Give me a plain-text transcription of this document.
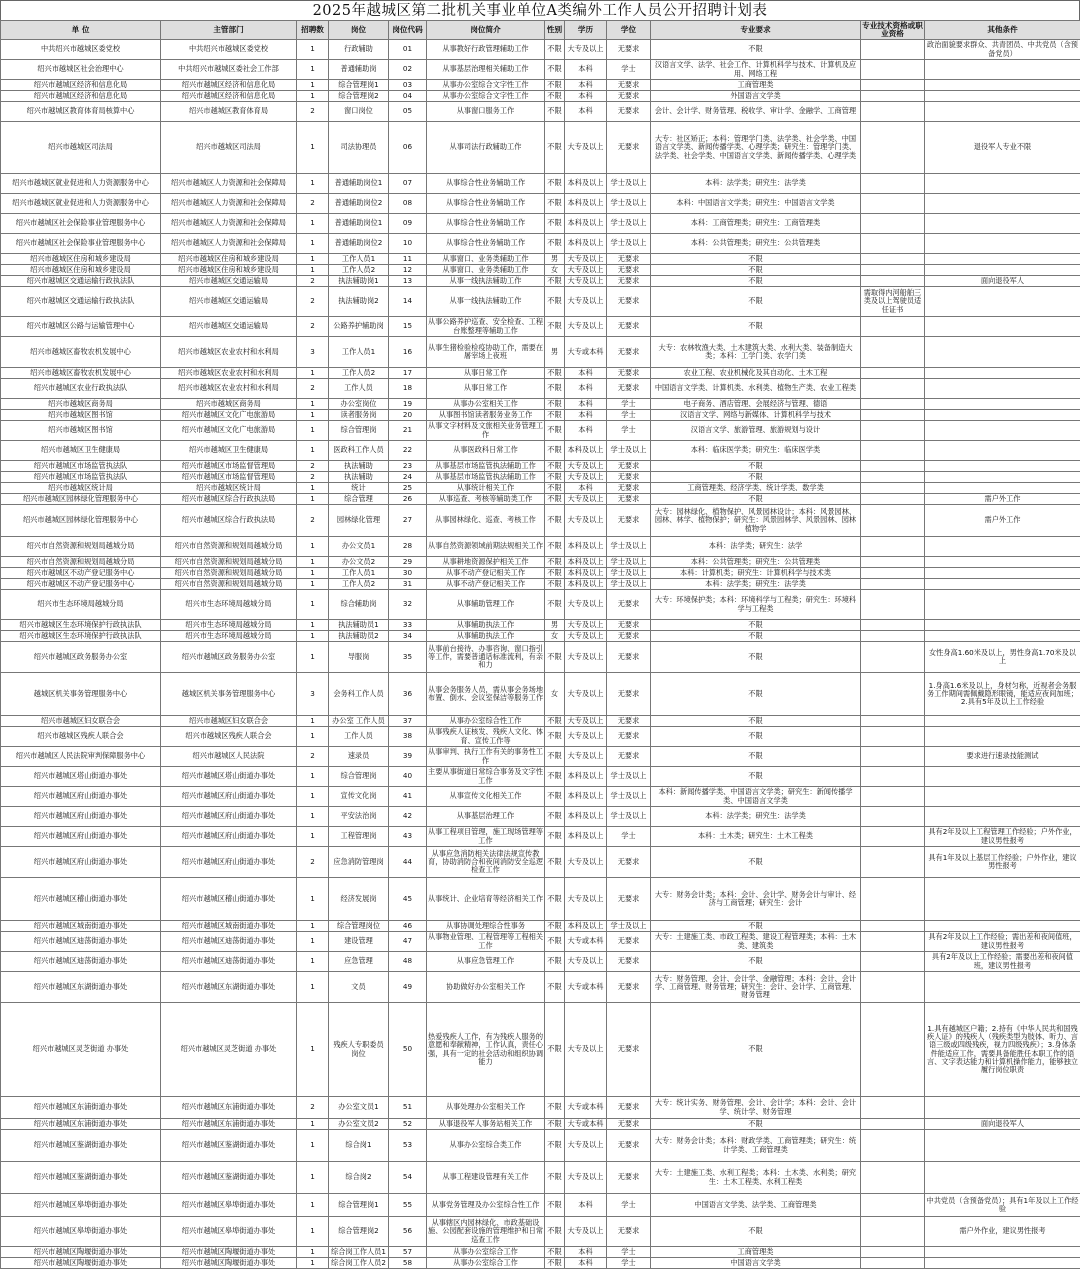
2025年越城区第二批机关事业单位A类编外工作人员公开招聘计划表
单 位	主管部门	招聘数	岗位	岗位代码	岗位简介	性别	学历	学位	专业要求	专业技术资格或职业资格	其他条件
中共绍兴市越城区委党校	中共绍兴市越城区委党校	1	行政辅助	01	从事教好行政管理辅助工作	不限	大专及以上	无要求	不限		政治面貌要求群众、共青团员、中共党员（含预备党员）
绍兴市越城区社会治理中心	中共绍兴市越城区委社会工作部	1	普通辅助岗	02	从事基层治理相关辅助工作	不限	本科	学士	汉语言文学、法学、社会工作、计算机科学与技术、计算机及应用、网络工程		
绍兴市越城区经济和信息化局	绍兴市越城区经济和信息化局	1	综合管理岗1	03	从事办公室综合文字性工作	不限	本科	无要求	工商管理类		
绍兴市越城区经济和信息化局	绍兴市越城区经济和信息化局	1	综合管理岗2	04	从事办公室综合文字性工作	不限	本科	无要求	外国语言文学类		
绍兴市越城区教育体育局核算中心	绍兴市越城区教育体育局	2	窗口岗位	05	从事窗口服务工作	不限	本科	无要求	会计、会计学、财务管理、税收学、审计学、金融学、工商管理		
绍兴市越城区司法局	绍兴市越城区司法局	1	司法协理员	06	从事司法行政辅助工作	不限	大专及以上	无要求	大专：社区矫正；本科：管理学门类、法学类、社会学类、中国语言文学类、新闻传播学类、心理学类；研究生：管理学门类、法学类、社会学类、中国语言文学类、新闻传播学类、心理学类		退役军人专业不限
绍兴市越城区就业促进和人力资源服务中心	绍兴市越城区人力资源和社会保障局	1	普通辅助岗位1	07	从事综合性业务辅助工作	不限	本科及以上	学士及以上	本科：法学类；研究生：法学类		
绍兴市越城区就业促进和人力资源服务中心	绍兴市越城区人力资源和社会保障局	2	普通辅助岗位2	08	从事综合性业务辅助工作	不限	本科及以上	学士及以上	本科：中国语言文学类；研究生：中国语言文学类		
绍兴市越城区社会保险事业管理服务中心	绍兴市越城区人力资源和社会保障局	1	普通辅助岗位1	09	从事综合性业务辅助工作	不限	本科及以上	学士及以上	本科：工商管理类；研究生：工商管理类		
绍兴市越城区社会保险事业管理服务中心	绍兴市越城区人力资源和社会保障局	1	普通辅助岗位2	10	从事综合性业务辅助工作	不限	本科及以上	学士及以上	本科：公共管理类；研究生：公共管理类		
绍兴市越城区住房和城乡建设局	绍兴市越城区住房和城乡建设局	1	工作人员1	11	从事窗口、业务类辅助工作	男	大专及以上	无要求	不限		
绍兴市越城区住房和城乡建设局	绍兴市越城区住房和城乡建设局	1	工作人员2	12	从事窗口、业务类辅助工作	女	大专及以上	无要求	不限		
绍兴市越城区交通运输行政执法队	绍兴市越城区交通运输局	2	执法辅助岗1	13	从事一线执法辅助工作	不限	大专及以上	无要求	不限		面向退役军人
绍兴市越城区交通运输行政执法队	绍兴市越城区交通运输局	2	执法辅助岗2	14	从事一线执法辅助工作	不限	大专及以上	无要求	不限	需取得内河船舶三类及以上驾驶员适任证书	
绍兴市越城区公路与运输管理中心	绍兴市越城区交通运输局	2	公路养护辅助岗	15	从事公路养护巡查、安全检查、工程台账整理等辅助工作	不限	大专及以上	无要求	不限		
绍兴市越城区畜牧农机发展中心	绍兴市越城区农业农村和水利局	3	工作人员1	16	从事生猪检验检疫协助工作，需要在屠宰场上夜班	男	大专或本科	无要求	大专：农林牧渔大类、土木建筑大类、水利大类、装备制造大类；本科：工学门类、农学门类		
绍兴市越城区畜牧农机发展中心	绍兴市越城区农业农村和水利局	1	工作人员2	17	从事日常工作	不限	本科	无要求	农业工程、农业机械化及其自动化、土木工程		
绍兴市越城区农业行政执法队	绍兴市越城区农业农村和水利局	2	工作人员	18	从事日常工作	不限	本科	无要求	中国语言文学类、计算机类、水利类、植物生产类、农业工程类		
绍兴市越城区商务局	绍兴市越城区商务局	1	办公室岗位	19	从事办公室相关工作	不限	本科	学士	电子商务、酒店管理、会展经济与管理、德语		
绍兴市越城区图书馆	绍兴市越城区文化广电旅游局	1	读者服务岗	20	从事图书馆读者服务业务工作	不限	本科	学士	汉语言文学、网络与新媒体、计算机科学与技术		
绍兴市越城区图书馆	绍兴市越城区文化广电旅游局	1	综合管理岗	21	从事文字材料及文旅相关业务管理工作	不限	本科	学士	汉语言文学、旅游管理、旅游规划与设计		
绍兴市越城区卫生健康局	绍兴市越城区卫生健康局	1	医政科工作人员	22	从事医政科日常工作	不限	本科及以上	学士及以上	本科：临床医学类；研究生：临床医学类		
绍兴市越城区市场监管执法队	绍兴市越城区市场监督管理局	2	执法辅助	23	从事基层市场监管执法辅助工作	不限	大专及以上	无要求	不限		
绍兴市越城区市场监管执法队	绍兴市越城区市场监督管理局	2	执法辅助	24	从事基层市场监管执法辅助工作	不限	大专及以上	无要求	不限		
绍兴市越城区统计局	绍兴市越城区统计局	1	统计	25	从事统计相关工作	不限	本科	无要求	工商管理类、经济学类、统计学类、数学类		
绍兴市越城区园林绿化管理服务中心	绍兴市越城区综合行政执法局	1	综合管理	26	从事巡查、考核等辅助类工作	不限	大专及以上	无要求	不限		需户外工作
绍兴市越城区园林绿化管理服务中心	绍兴市越城区综合行政执法局	2	园林绿化管理	27	从事园林绿化、巡查、考核工作	不限	大专及以上	无要求	大专：园林绿化、植物保护、风景园林设计；本科：风景园林、园林、林学、植物保护；研究生：风景园林学、风景园林、园林植物学		需户外工作
绍兴市自然资源和规划局越城分局	绍兴市自然资源和规划局越城分局	1	办公文员1	28	从事自然资源领域前期法规相关工作	不限	本科及以上	学士及以上	本科：法学类；研究生：法学		
绍兴市自然资源和规划局越城分局	绍兴市自然资源和规划局越城分局	1	办公文员2	29	从事耕地资源保护相关工作	不限	本科及以上	学士及以上	本科：公共管理类；研究生：公共管理类		
绍兴市越城区不动产登记服务中心	绍兴市自然资源和规划局越城分局	1	工作人员1	30	从事不动产登记相关工作	不限	本科及以上	学士及以上	本科：计算机类；研究生：计算机科学与技术类		
绍兴市越城区不动产登记服务中心	绍兴市自然资源和规划局越城分局	1	工作人员2	31	从事不动产登记相关工作	不限	本科及以上	学士及以上	本科：法学类；研究生：法学类		
绍兴市生态环境局越城分局	绍兴市生态环境局越城分局	1	综合辅助岗	32	从事辅助管理工作	不限	大专及以上	无要求	大专：环境保护类；本科：环境科学与工程类；研究生：环境科学与工程类		
绍兴市越城区生态环境保护行政执法队	绍兴市生态环境局越城分局	1	执法辅助员1	33	从事辅助执法工作	男	大专及以上	无要求	不限		
绍兴市越城区生态环境保护行政执法队	绍兴市生态环境局越城分局	1	执法辅助员2	34	从事辅助执法工作	女	大专及以上	无要求	不限		
绍兴市越城区政务服务办公室	绍兴市越城区政务服务办公室	1	导服岗	35	从事前台接待、办事咨询、窗口指引等工作，需要普通话标准流利，有亲和力	不限	大专及以上	无要求	不限		女性身高1.60米及以上，男性身高1.70米及以上
越城区机关事务管理服务中心	越城区机关事务管理服务中心	3	会务科工作人员	36	从事会务服务人员，需从事会务场地布置、倒水、会议室保洁等服务工作	女	大专及以上	无要求	不限		1.身高1.6米及以上，身材匀称，近视者会务服务工作期间需佩戴隐形眼镜，能适应夜间加班；2.具有5年及以上工作经验
绍兴市越城区妇女联合会	绍兴市越城区妇女联合会	1	办公室 工作人员	37	从事办公室综合性工作	不限	大专及以上	无要求	不限		
绍兴市越城区残疾人联合会	绍兴市越城区残疾人联合会	1	工作人员	38	从事残疾人证核发、残疾人文化、体育、宣传工作等	不限	大专及以上	无要求	不限		
绍兴市越城区人民法院审判保障服务中心	绍兴市越城区人民法院	2	速录员	39	从事审判、执行工作有关的事务性工作	不限	大专及以上	无要求	不限		要求进行速录技能测试
绍兴市越城区塔山街道办事处	绍兴市越城区塔山街道办事处	1	综合管理岗	40	主要从事街道日常综合事务及文字性工作	不限	本科及以上	学士及以上	不限		
绍兴市越城区府山街道办事处	绍兴市越城区府山街道办事处	1	宣传文化岗	41	从事宣传文化相关工作	不限	本科及以上	学士及以上	本科：新闻传播学类、中国语言文学类；研究生：新闻传播学类、中国语言文学类		
绍兴市越城区府山街道办事处	绍兴市越城区府山街道办事处	1	平安法治岗	42	从事基层治理工作	不限	本科及以上	学士及以上	本科：法学类；研究生：法学类		
绍兴市越城区府山街道办事处	绍兴市越城区府山街道办事处	1	工程管理岗	43	从事工程项目管理，施工现场管理等工作	不限	本科及以上	学士	本科：土木类；研究生：土木工程类		具有2年及以上工程管理工作经验；户外作业，建议男性报考
绍兴市越城区府山街道办事处	绍兴市越城区府山街道办事处	2	应急消防管理岗	44	从事应急消防相关法律法规宣传教育，协助消防合和夜间消防安全巡逻检查工作	不限	大专及以上	无要求	不限		具有1年及以上基层工作经验；户外作业，建议男性报考
绍兴市越城区稽山街道办事处	绍兴市越城区稽山街道办事处	1	经济发展岗	45	从事统计、企业培育等经济相关工作	不限	大专及以上	无要求	大专：财务会计类；本科：会计、会计学、财务会计与审计、经济与工商管理；研究生：会计		
绍兴市越城区城南街道办事处	绍兴市越城区城南街道办事处	1	综合管理岗位	46	从事协调处理综合性事务	不限	本科及以上	学士及以上	不限		
绍兴市越城区迪荡街道办事处	绍兴市越城区迪荡街道办事处	1	建设管理	47	从事物业管理、工程管理等工程相关工作	不限	大专或本科	无要求	大专：土建施工类、市政工程类、建设工程管理类；本科：土木类、建筑类		具有2年及以上工作经验；需出差和夜间值班，建议男性报考
绍兴市越城区迪荡街道办事处	绍兴市越城区迪荡街道办事处	1	应急管理	48	从事应急管理工作	不限	大专及以上	无要求	不限		具有2年及以上工作经验；需要出差和夜间值班，建议男性报考
绍兴市越城区东湖街道办事处	绍兴市越城区东湖街道办事处	1	文员	49	协助做好办公室相关工作	不限	大专或本科	无要求	大专：财务管理、会计、会计学、金融管理；本科：会计、会计学、工商管理、财务管理；研究生：会计、会计学、工商管理、财务管理		
绍兴市越城区灵芝街道 办事处	绍兴市越城区灵芝街道 办事处	1	残疾人专职委员岗位	50	热爱残疾人工作，有为残疾人服务的意愿和奉献精神，工作认真，责任心强，具有一定的社会活动和组织协调能力	不限	大专及以上	无要求	不限		1.具有越城区户籍；2.持有《中华人民共和国残疾人证》的残疾人（残疾类型为肢体、听力、言语三级或四级残疾，视力四级残疾）；3.身体条件能适应工作，需要具备能胜任本职工作的语言、文字表达能力和计算机操作能力，能够独立履行岗位职责
绍兴市越城区东浦街道办事处	绍兴市越城区东浦街道办事处	2	办公室文员1	51	从事处理办公室相关工作	不限	大专或本科	无要求	大专：统计实务、财务管理、会计、会计学；本科：会计、会计学、统计学、财务管理		
绍兴市越城区东浦街道办事处	绍兴市越城区东浦街道办事处	1	办公室文员2	52	从事退役军人事务站相关工作	不限	大专或本科	无要求	不限		面向退役军人
绍兴市越城区鉴湖街道办事处	绍兴市越城区鉴湖街道办事处	1	综合岗1	53	从事办公室综合类工作	不限	大专及以上	无要求	大专：财务会计类；本科：财政学类、工商管理类；研究生：统计学类、工商管理类		
绍兴市越城区鉴湖街道办事处	绍兴市越城区鉴湖街道办事处	1	综合岗2	54	从事工程建设管理有关工作	不限	大专及以上	无要求	大专：土建施工类、水利工程类；本科：土木类、水利类；研究生：土木工程类、水利工程类		
绍兴市越城区皋埠街道办事处	绍兴市越城区皋埠街道办事处	1	综合管理岗1	55	从事党务管理及办公室综合性工作	不限	本科	学士	中国语言文学类、法学类、工商管理类		中共党员（含预备党员）；具有1年及以上工作经验
绍兴市越城区皋埠街道办事处	绍兴市越城区皋埠街道办事处	1	综合管理岗2	56	从事辖区内园林绿化、市政基础设施、公园配套设施的管理维护和日常巡查工作	不限	大专及以上	无要求	不限		需户外作业，建议男性报考
绍兴市越城区陶堰街道办事处	绍兴市越城区陶堰街道办事处	1	综合岗工作人员1	57	从事办公室综合工作	不限	本科	学士	工商管理类		
绍兴市越城区陶堰街道办事处	绍兴市越城区陶堰街道办事处	1	综合岗工作人员2	58	从事办公室综合工作	不限	本科	学士	中国语言文学类		
